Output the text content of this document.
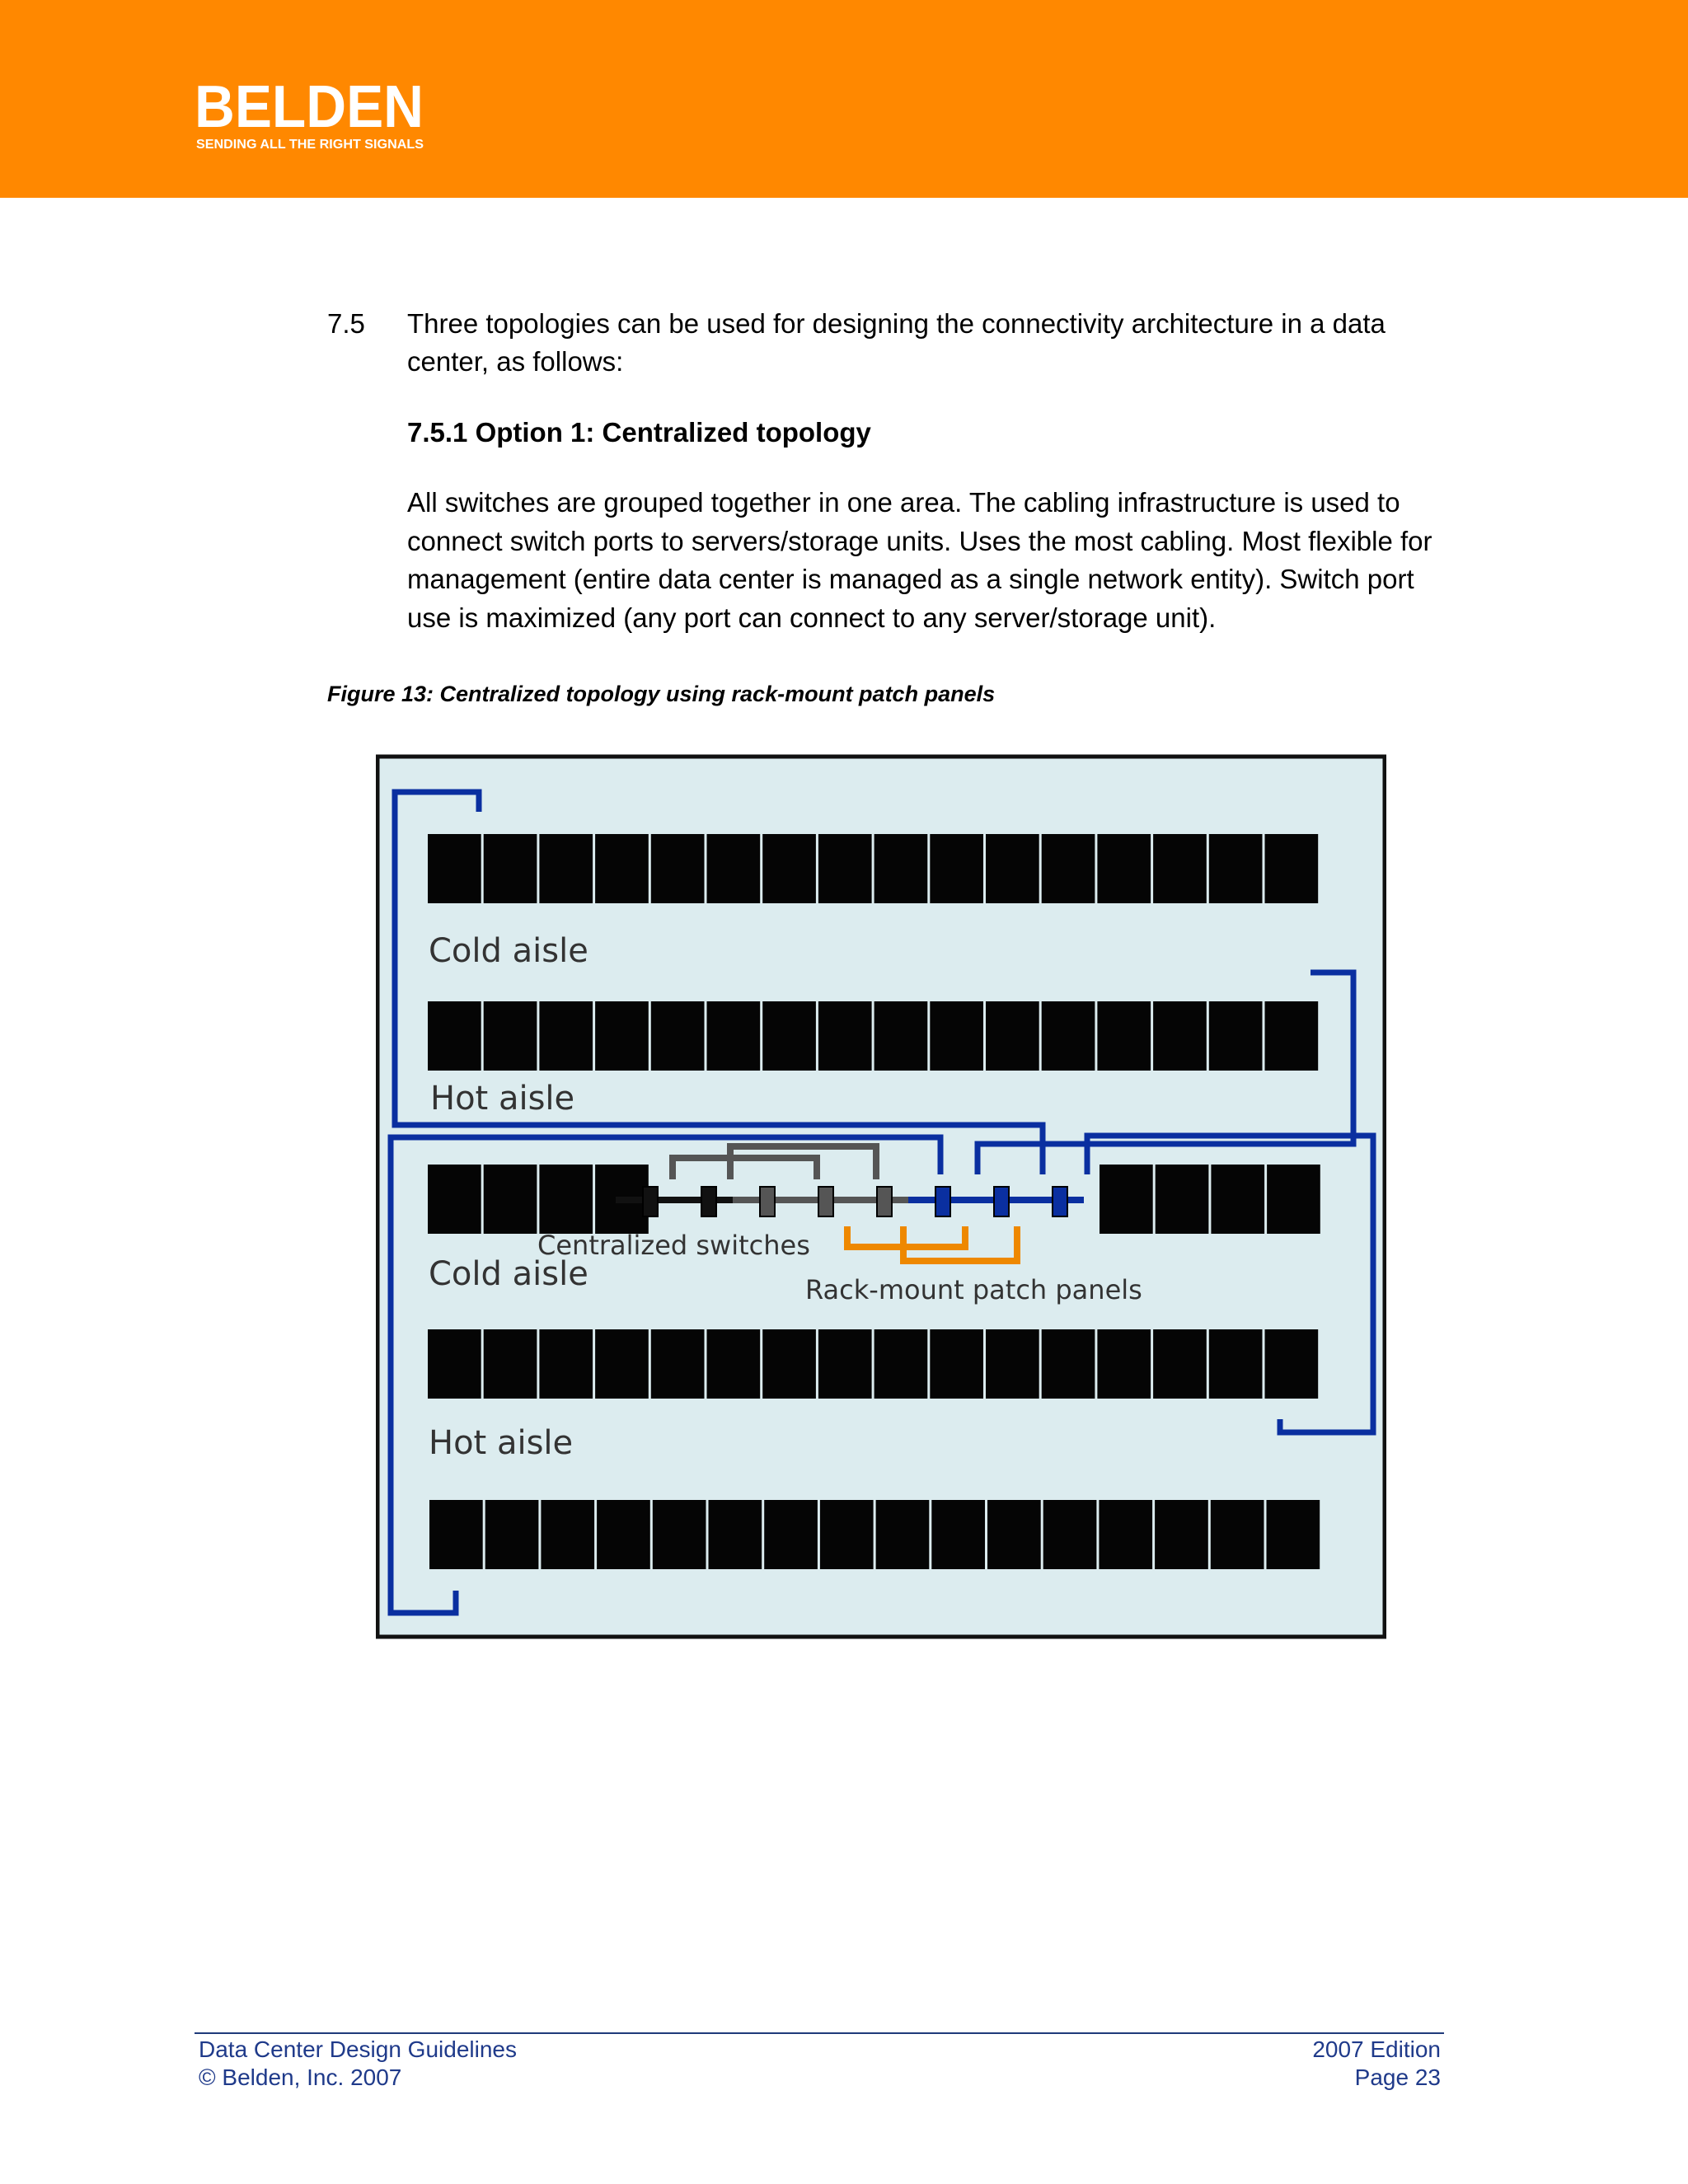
BELDEN
SENDING ALL THE RIGHT SIGNALS
7.5 Three topologies can be used for designing the connectivity architecture in a data center, as follows:
7.5.1 Option 1: Centralized topology
All switches are grouped together in one area. The cabling infrastructure is used to connect switch ports to servers/storage units. Uses the most cabling. Most flexible for management (entire data center is managed as a single network entity). Switch port use is maximized (any port can connect to any server/storage unit).
Figure 13: Centralized topology using rack-mount patch panels
Cold aisle
Hot aisle
Centralized switches
Cold aisle	Rack-mount patch panels
Hot aisle
Data Center Design Guidelines
© Belden, Inc. 2007
2007 Edition
Page 23
